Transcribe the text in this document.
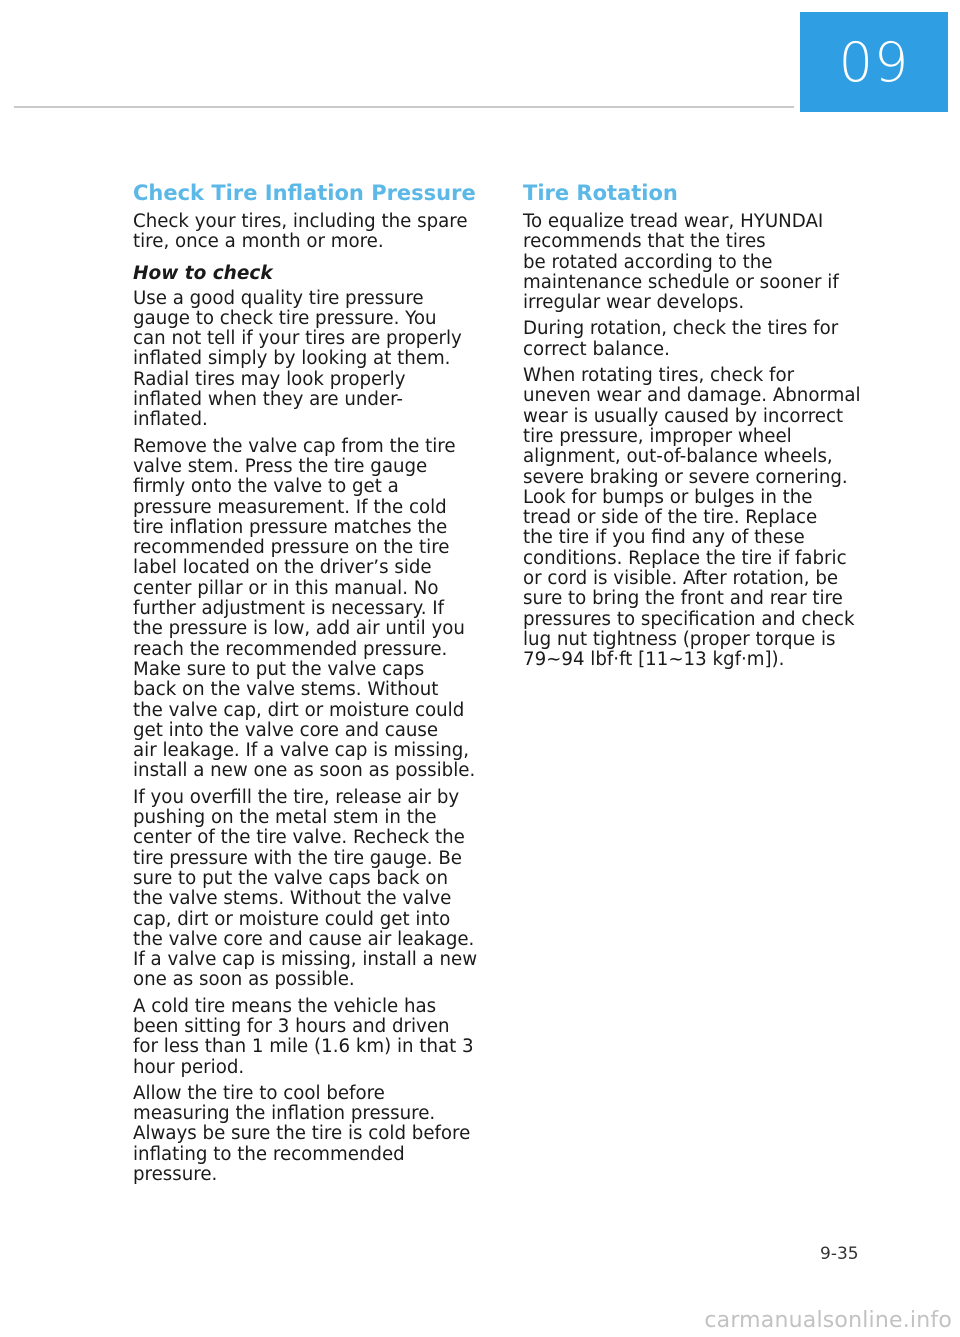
09
Check Tire Inflation Pressure

Check your tires, including the spare
tire, once a month or more.

How to check

Use a good quality tire pressure
gauge to check tire pressure. You
can not tell if your tires are properly
inflated simply by looking at them.
Radial tires may look properly
inflated when they are under-
inflated.

Remove the valve cap from the tire
valve stem. Press the tire gauge
firmly onto the valve to get a
pressure measurement. If the cold
tire inflation pressure matches the
recommended pressure on the tire
label located on the driver’s side
center pillar or in this manual. No
further adjustment is necessary. If
the pressure is low, add air until you
reach the recommended pressure.
Make sure to put the valve caps
back on the valve stems. Without
the valve cap, dirt or moisture could
get into the valve core and cause
air leakage. If a valve cap is missing,
install a new one as soon as possible.

If you overfill the tire, release air by
pushing on the metal stem in the
center of the tire valve. Recheck the
tire pressure with the tire gauge. Be
sure to put the valve caps back on
the valve stems. Without the valve
cap, dirt or moisture could get into
the valve core and cause air leakage.
If a valve cap is missing, install a new
one as soon as possible.

A cold tire means the vehicle has
been sitting for 3 hours and driven
for less than 1 mile (1.6 km) in that 3
hour period.

Allow the tire to cool before
measuring the inflation pressure.
Always be sure the tire is cold before
inflating to the recommended
pressure.

Tire Rotation

To equalize tread wear, HYUNDAI
recommends that the tires
be rotated according to the
maintenance schedule or sooner if
irregular wear develops.

During rotation, check the tires for
correct balance.

When rotating tires, check for
uneven wear and damage. Abnormal
wear is usually caused by incorrect
tire pressure, improper wheel
alignment, out-of-balance wheels,
severe braking or severe cornering.
Look for bumps or bulges in the
tread or side of the tire. Replace
the tire if you find any of these
conditions. Replace the tire if fabric
or cord is visible. After rotation, be
sure to bring the front and rear tire
pressures to specification and check
lug nut tightness (proper torque is
79~94 lbf·ft [11~13 kgf·m]).

9-35
carmanualsonline.info
